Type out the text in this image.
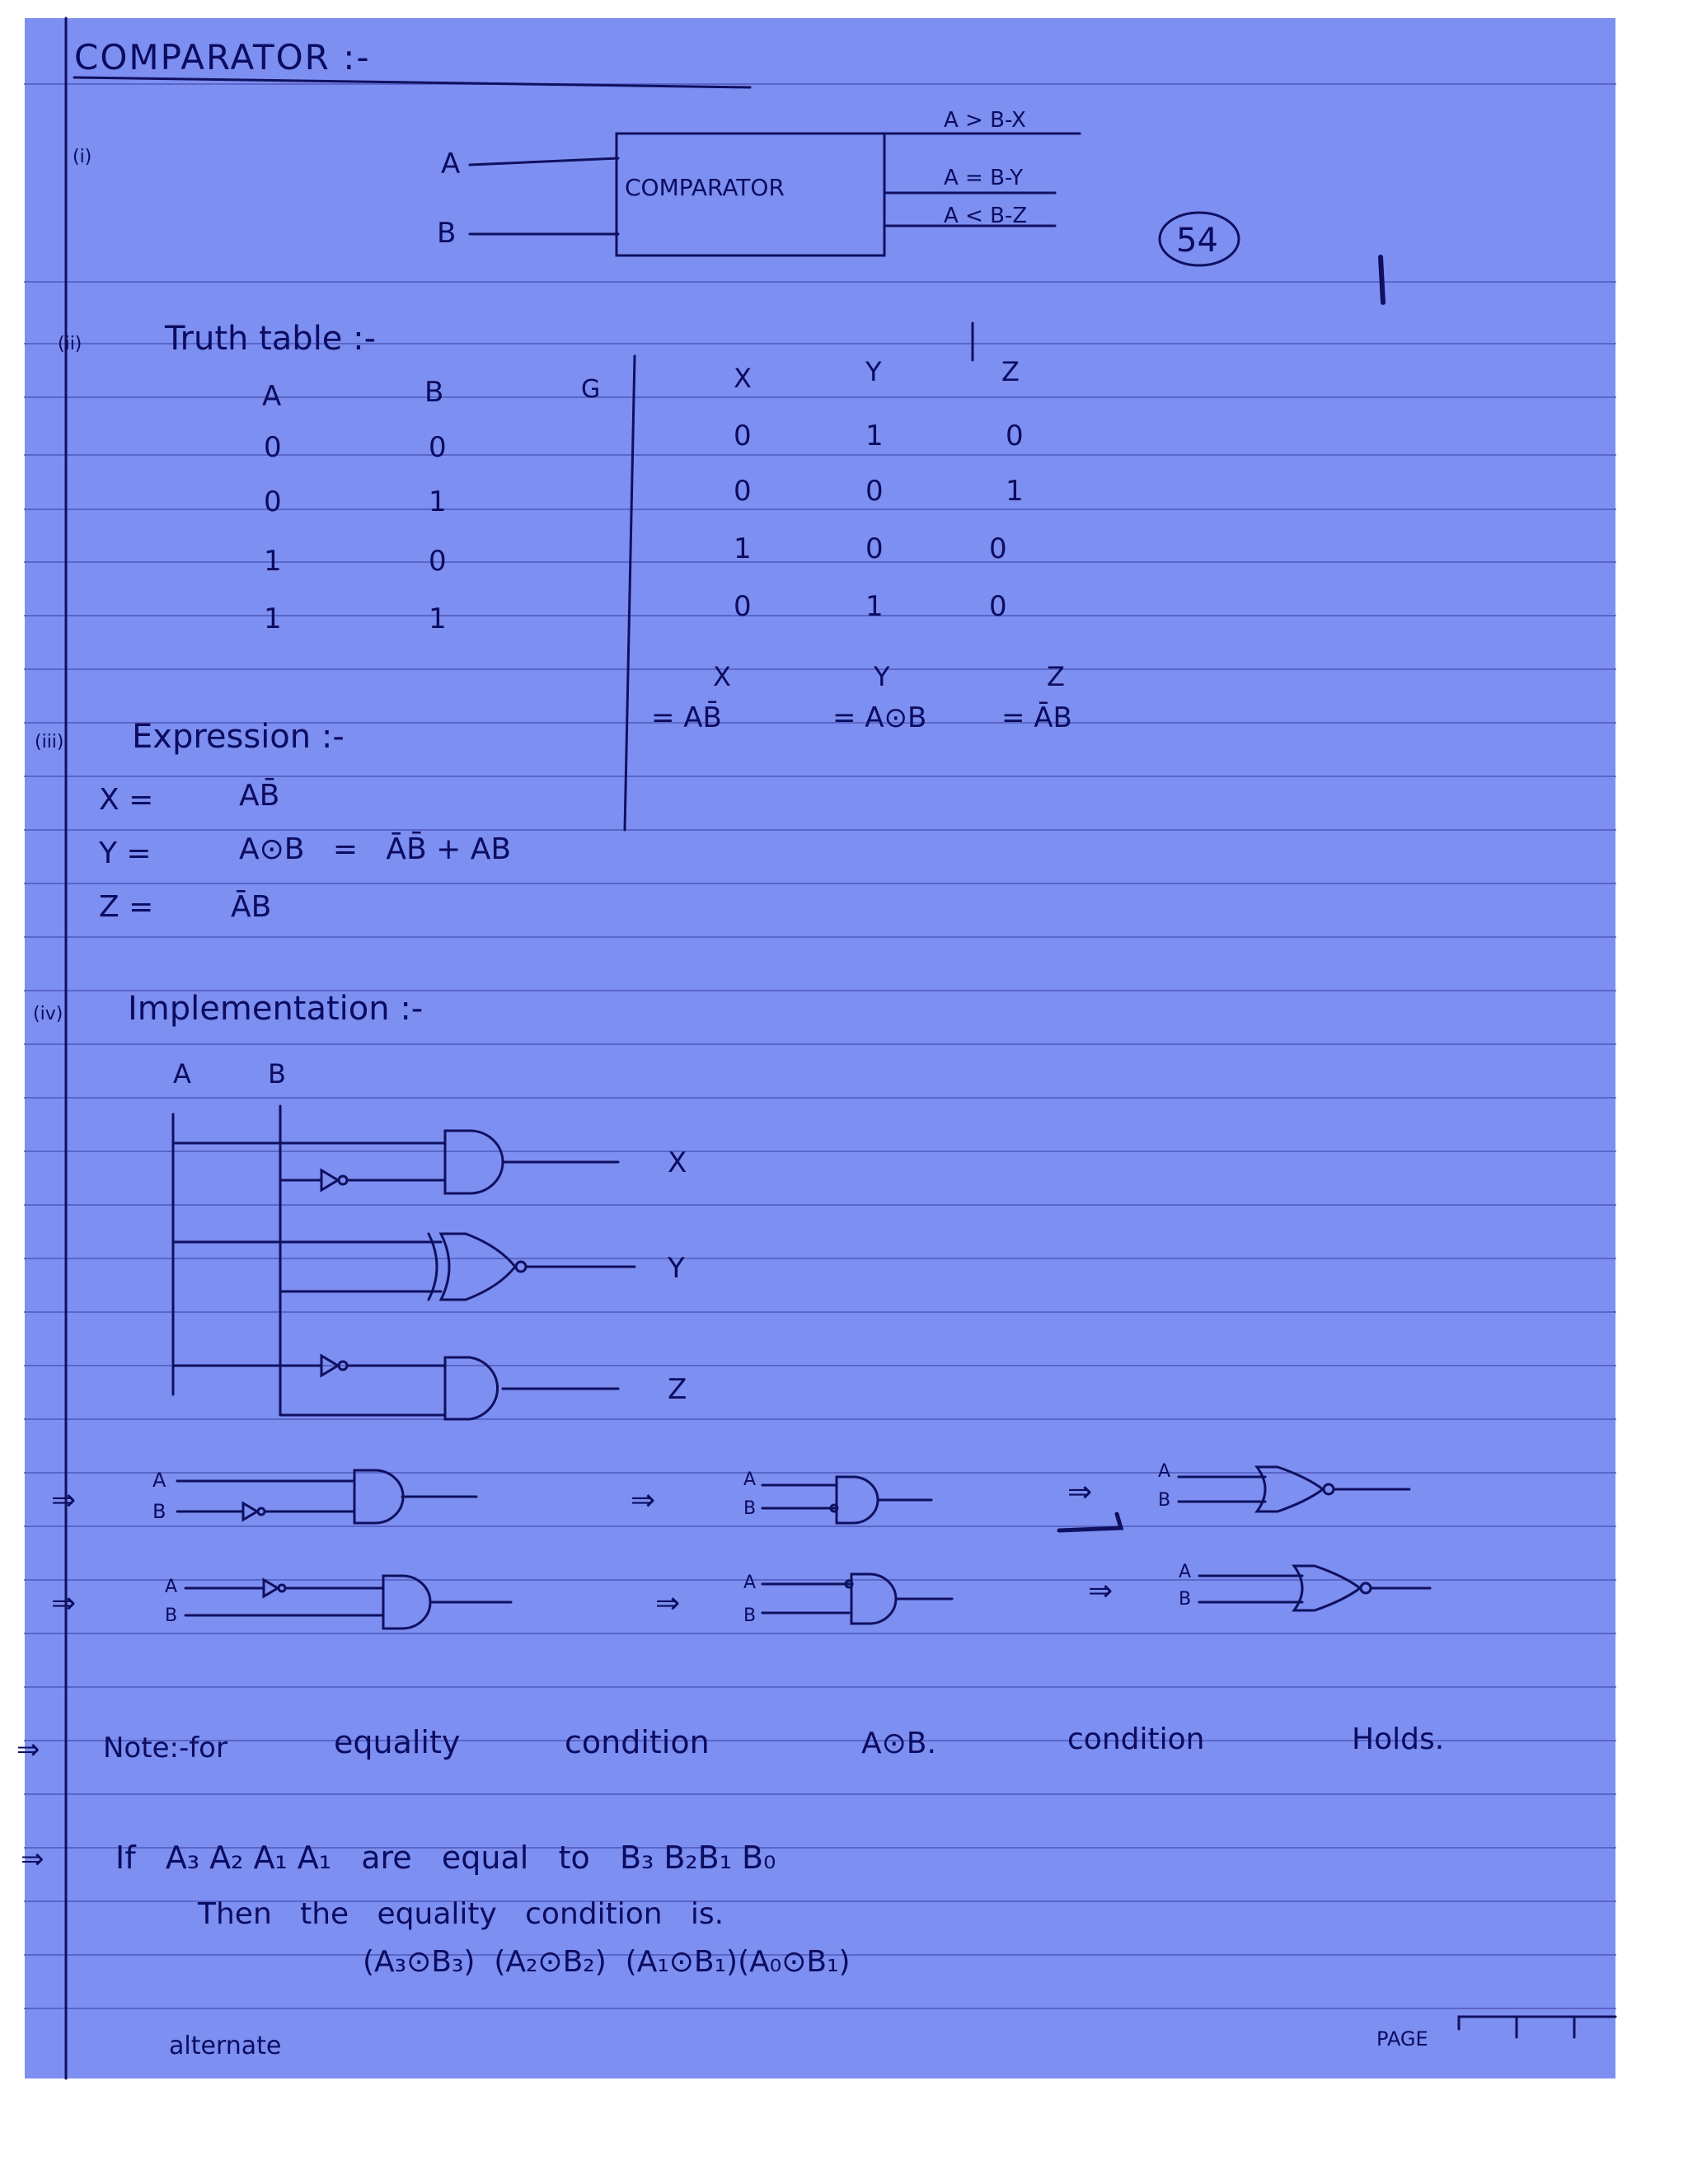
COMPARATOR :-
(i)	A
B
COMPARATOR
A > B-X
A = B-Y
A < B-Z
54
(ii)	Truth table :-
A	B	G	X	Y	Z
0	0	0	1	0
0	1	0	0	1
1	0	1	0	0
1	1	0	1	0
X	Y	Z
= AB̄	= A⊙B	= ĀB
(iii) Expression :-
X =	AB̄
Y =	A⊙B   =   ĀB̄ + AB
Z =	ĀB
(iv) Implementation :-
A	B
X
Y
Z
⇒
A
B	⇒
A
B	⇒
A
B
⇒	A
B	⇒
A
B
⇒
A
B
⇒ Note:-for	equality	condition	A⊙B.	condition	Holds.
⇒ If   A₃ A₂ A₁ A₁   are   equal   to   B₃ B₂B₁ B₀
Then   the   equality   condition   is.
(A₃⊙B₃)  (A₂⊙B₂)  (A₁⊙B₁)(A₀⊙B₁)
alternate	PAGE
